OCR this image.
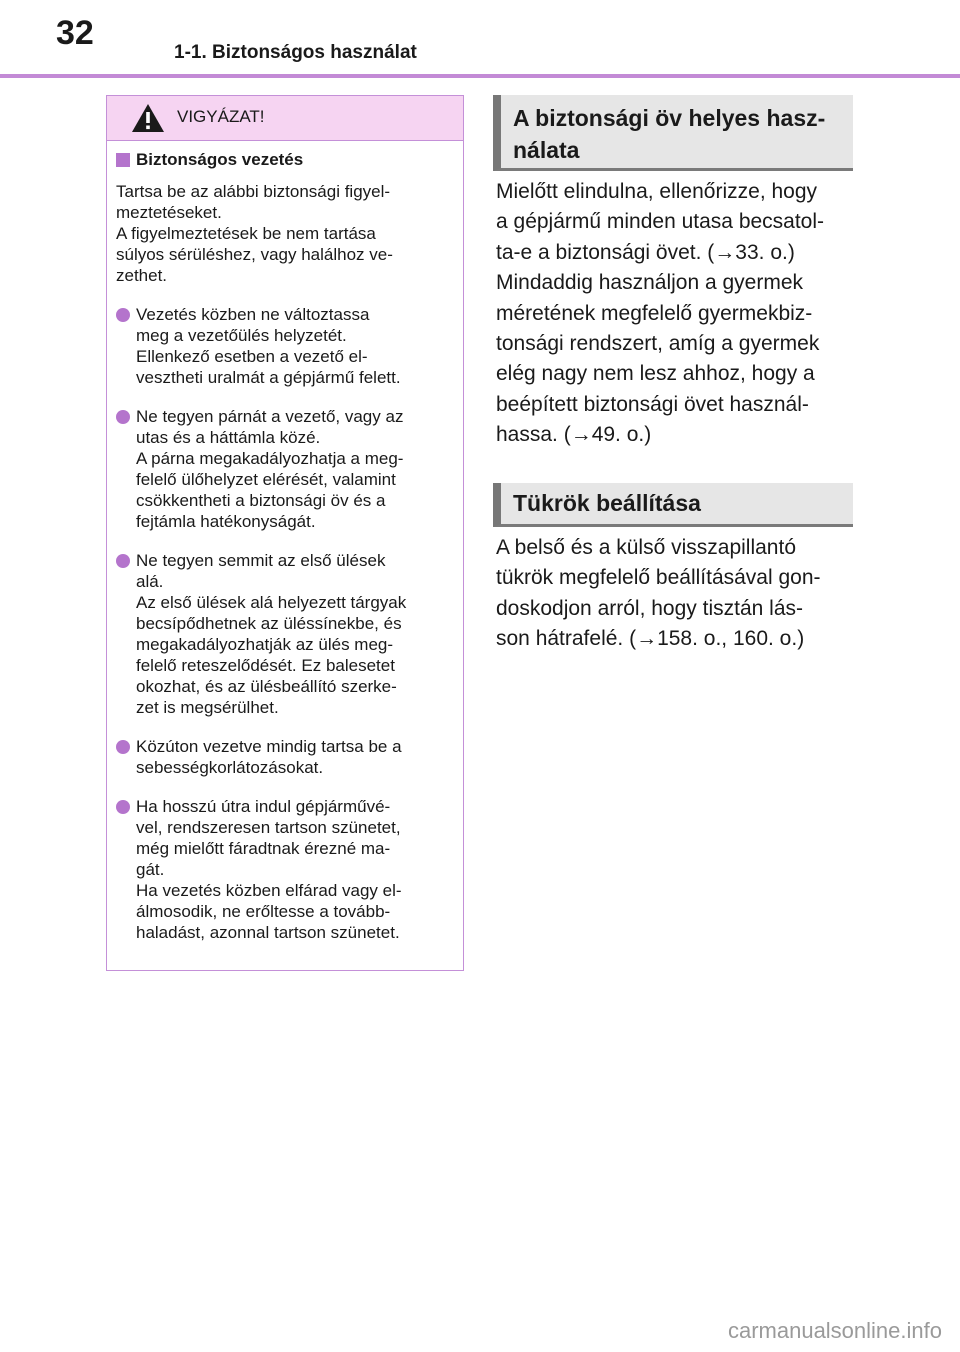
32
1-1. Biztonságos használat
VIGYÁZAT!
Biztonságos vezetés

Tartsa be az alábbi biztonsági figyel-
meztetéseket.
A figyelmeztetések be nem tartása
súlyos sérüléshez, vagy halálhoz ve-
zethet.

Vezetés közben ne változtassa
meg a vezetőülés helyzetét.
Ellenkező esetben a vezető el-
vesztheti uralmát a gépjármű felett.
Ne tegyen párnát a vezető, vagy az
utas és a háttámla közé.
A párna megakadályozhatja a meg-
felelő ülőhelyzet elérését, valamint
csökkentheti a biztonsági öv és a
fejtámla hatékonyságát.
Ne tegyen semmit az első ülések
alá.
Az első ülések alá helyezett tárgyak
becsípődhetnek az üléssínekbe, és
megakadályozhatják az ülés meg-
felelő reteszelődését. Ez balesetet
okozhat, és az ülésbeállító szerke-
zet is megsérülhet.
Közúton vezetve mindig tartsa be a
sebességkorlátozásokat.
Ha hosszú útra indul gépjárművé-
vel, rendszeresen tartson szünetet,
még mielőtt fáradtnak érezné ma-
gát.
Ha vezetés közben elfárad vagy el-
álmosodik, ne erőltesse a tovább-
haladást, azonnal tartson szünetet.
A biztonsági öv helyes hasz-
nálata
Mielőtt elindulna, ellenőrizze, hogy
a gépjármű minden utasa becsatol-
ta-e a biztonsági övet. (→33. o.)
Mindaddig használjon a gyermek
méretének megfelelő gyermekbiz-
tonsági rendszert, amíg a gyermek
elég nagy nem lesz ahhoz, hogy a
beépített biztonsági övet használ-
hassa. (→49. o.)
Tükrök beállítása
A belső és a külső visszapillantó
tükrök megfelelő beállításával gon-
doskodjon arról, hogy tisztán lás-
son hátrafelé. (→158. o., 160. o.)
carmanualsonline.info
